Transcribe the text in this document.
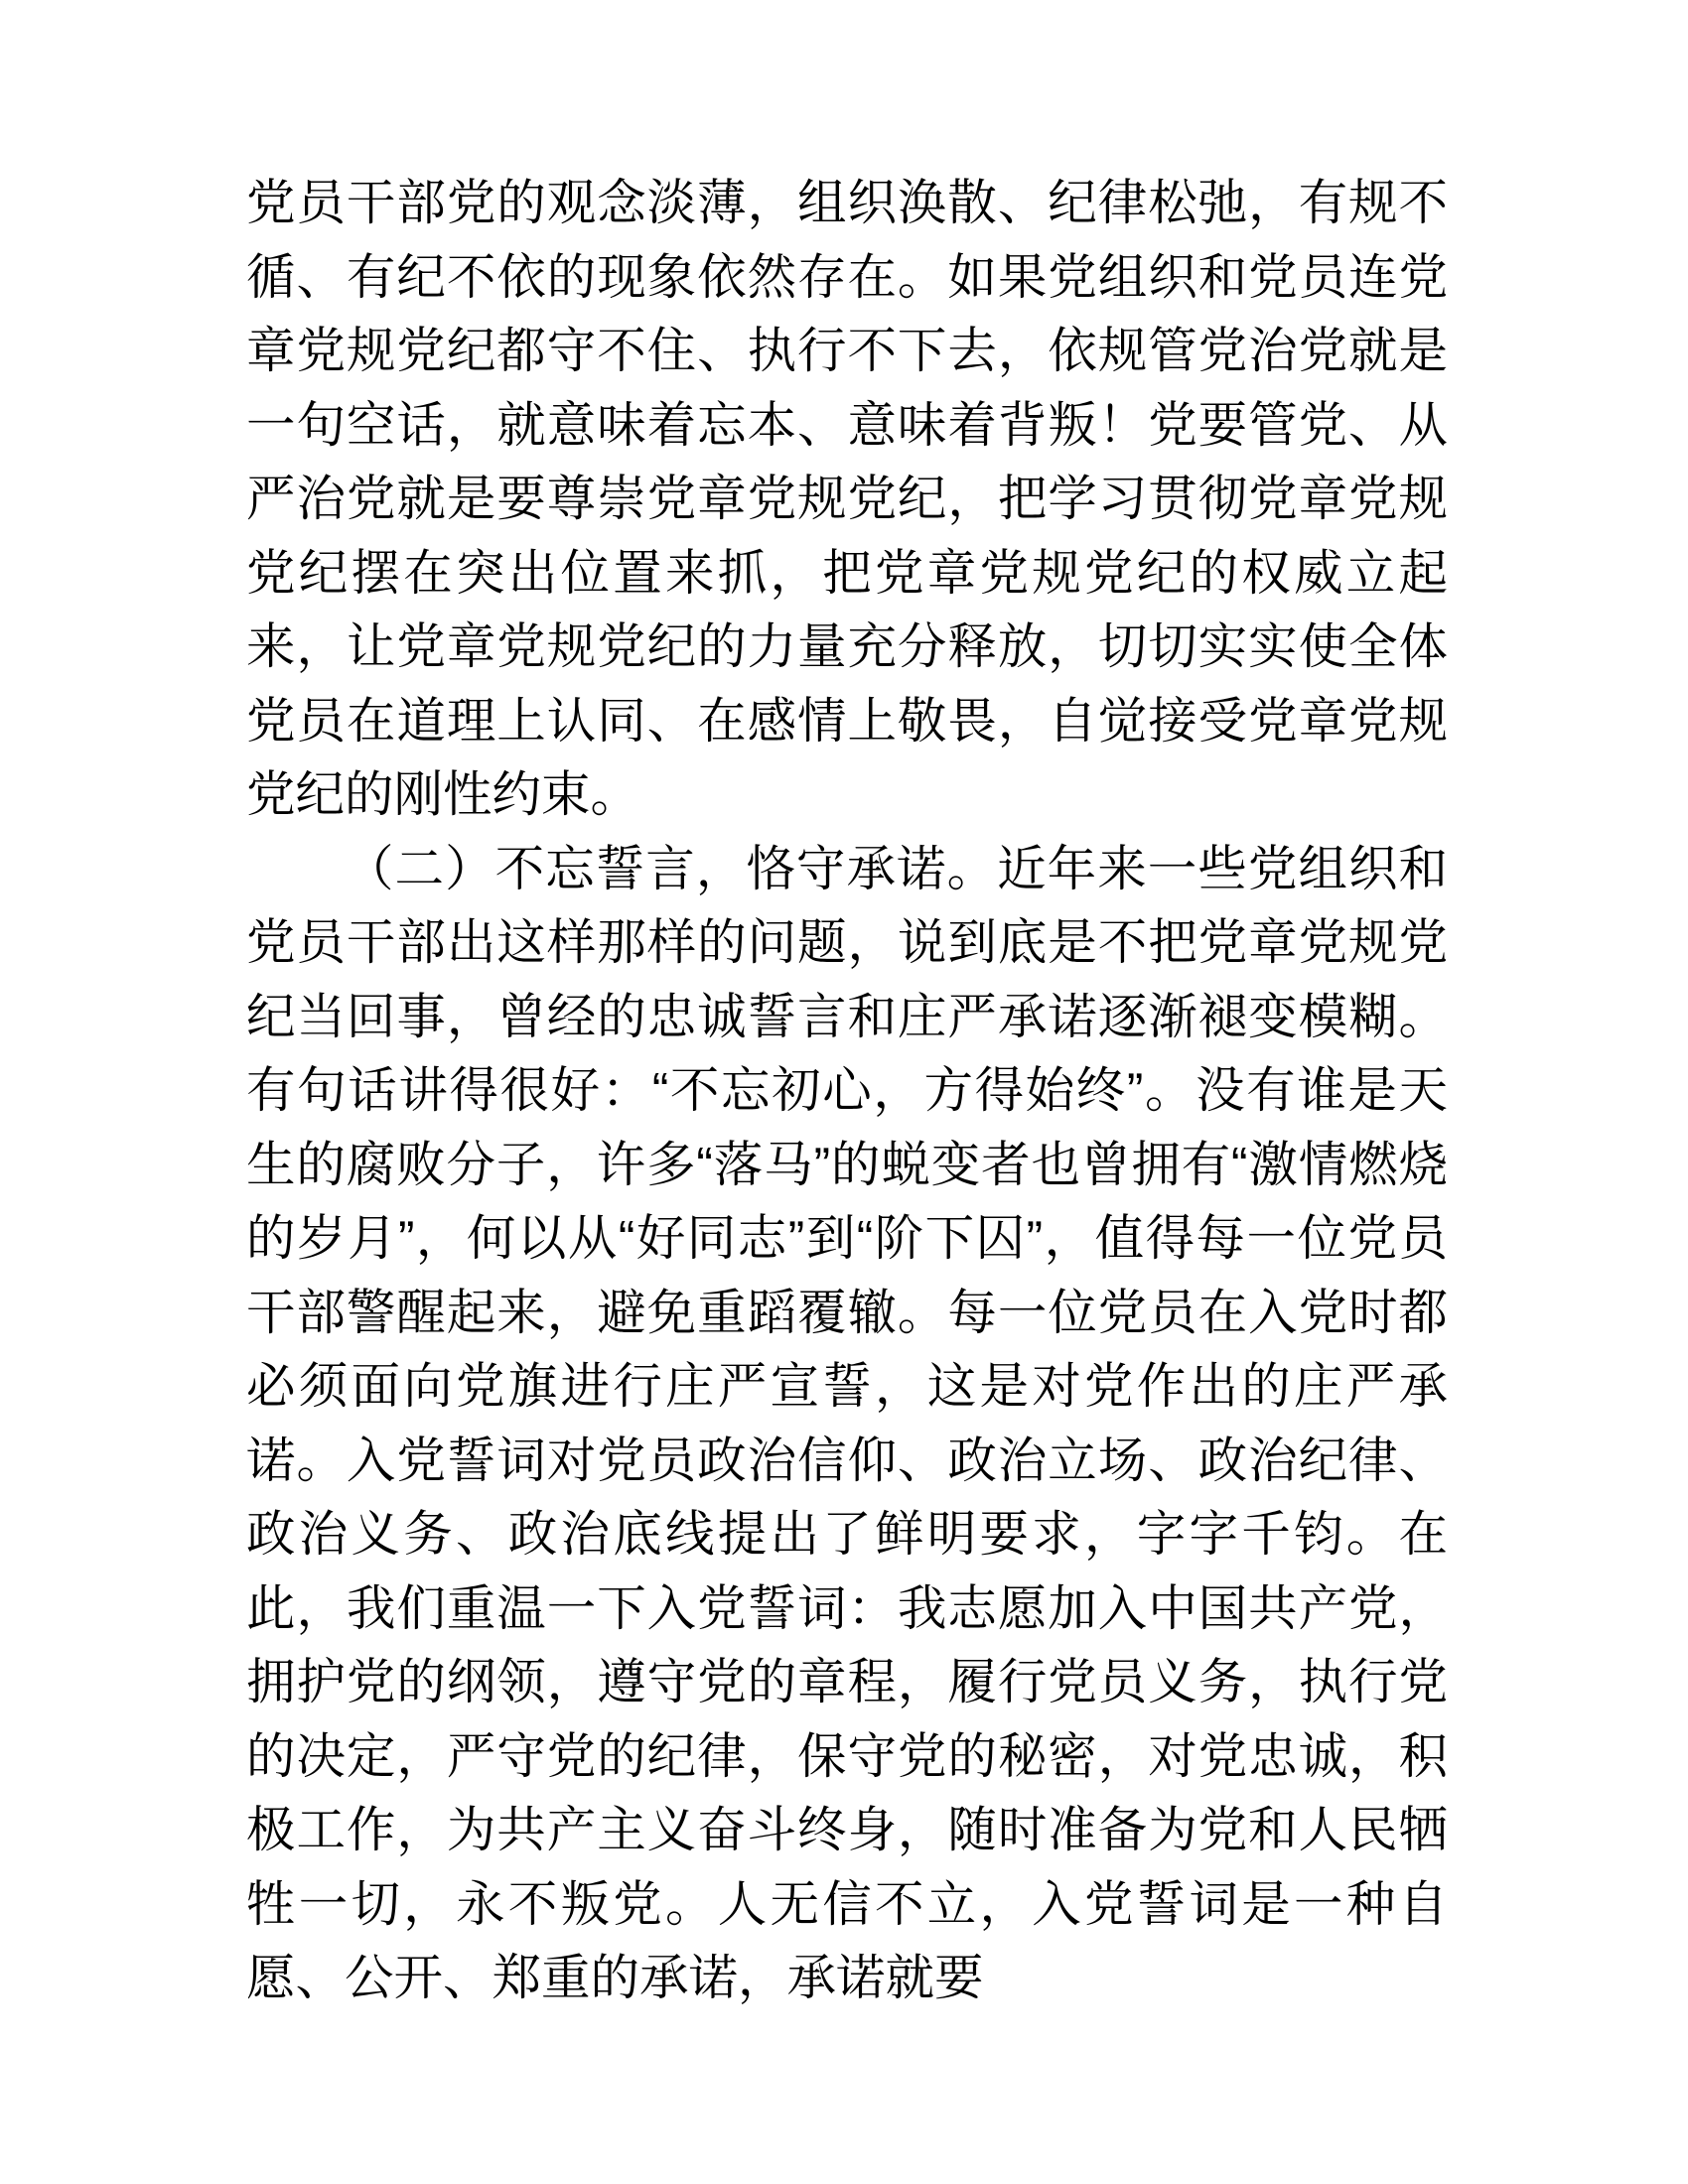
党员干部党的观念淡薄，组织涣散、纪律松弛，有规不循、有纪不依的现象依然存在。如果党组织和党员连党章党规党纪都守不住、执行不下去，依规管党治党就是一句空话，就意味着忘本、意味着背叛！党要管党、从严治党就是要尊崇党章党规党纪，把学习贯彻党章党规党纪摆在突出位置来抓，把党章党规党纪的权威立起来，让党章党规党纪的力量充分释放，切切实实使全体党员在道理上认同、在感情上敬畏，自觉接受党章党规党纪的刚性约束。

（二）不忘誓言，恪守承诺。近年来一些党组织和党员干部出这样那样的问题，说到底是不把党章党规党纪当回事，曾经的忠诚誓言和庄严承诺逐渐褪变模糊。有句话讲得很好：“不忘初心，方得始终”。没有谁是天生的腐败分子，许多“落马”的蜕变者也曾拥有“激情燃烧的岁月”，何以从“好同志”到“阶下囚”，值得每一位党员干部警醒起来，避免重蹈覆辙。每一位党员在入党时都必须面向党旗进行庄严宣誓，这是对党作出的庄严承诺。入党誓词对党员政治信仰、政治立场、政治纪律、政治义务、政治底线提出了鲜明要求，字字千钧。在此，我们重温一下入党誓词：我志愿加入中国共产党，拥护党的纲领，遵守党的章程，履行党员义务，执行党的决定，严守党的纪律，保守党的秘密，对党忠诚，积极工作，为共产主义奋斗终身，随时准备为党和人民牺牲一切，永不叛党。人无信不立，入党誓词是一种自愿、公开、郑重的承诺，承诺就要
